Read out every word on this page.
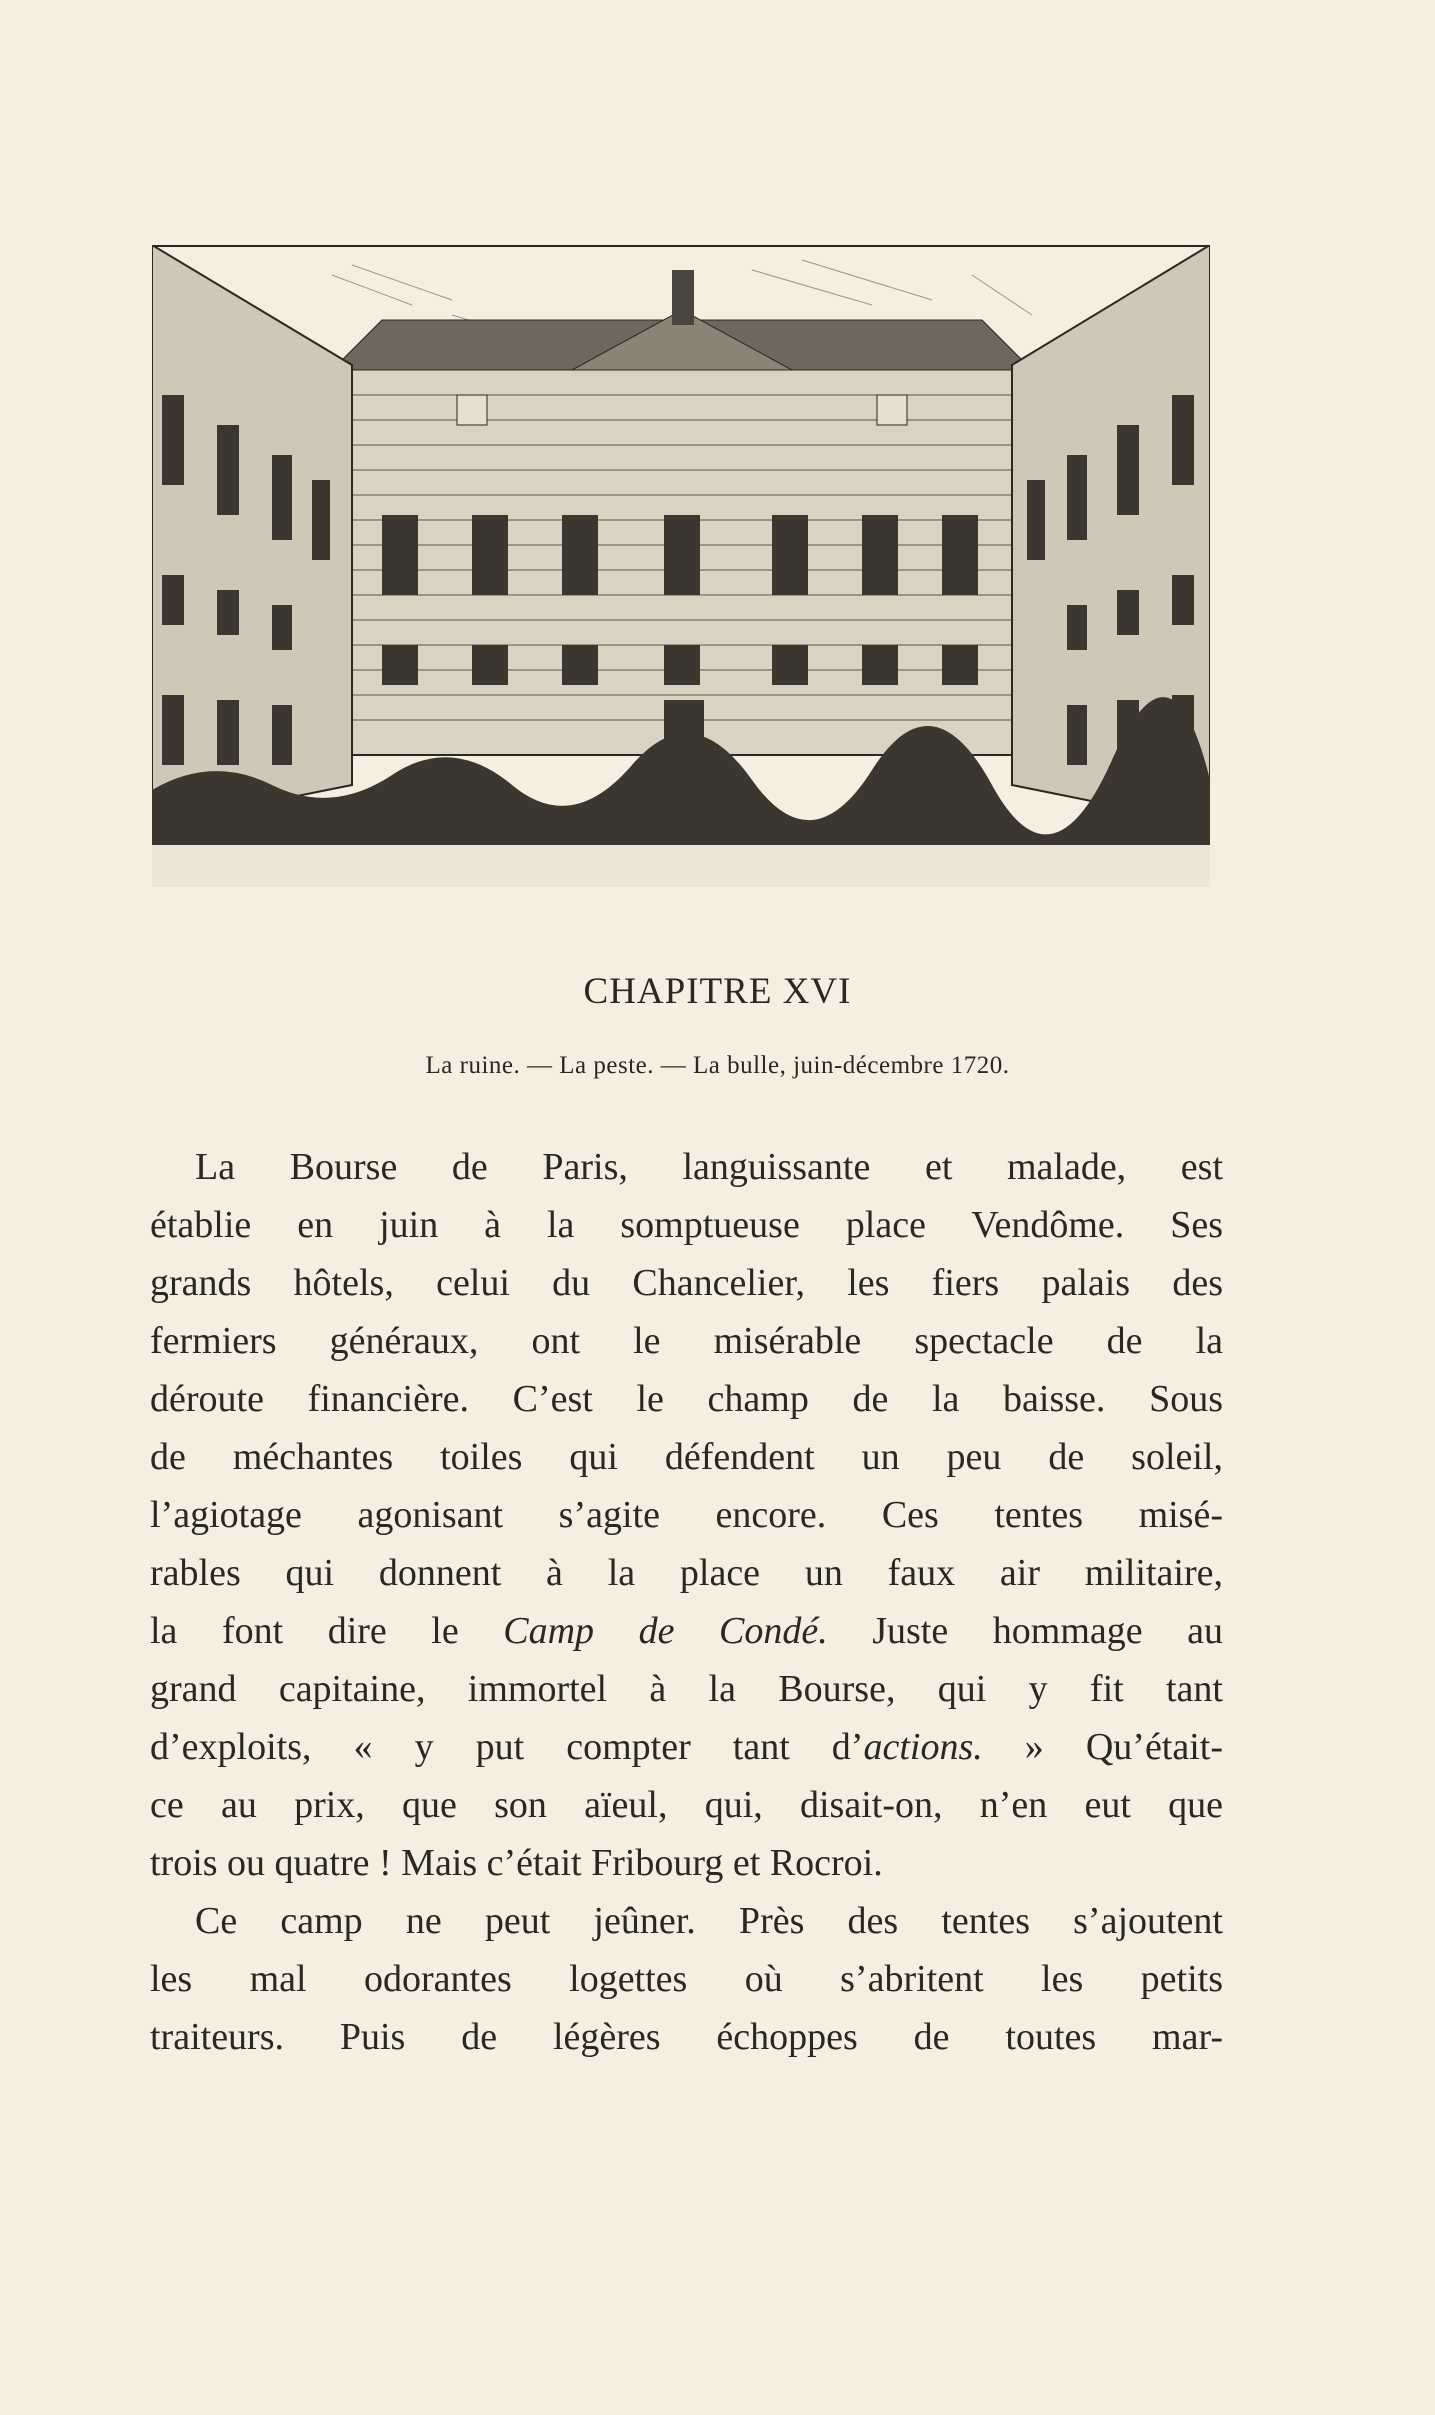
CHAPITRE XVI
La ruine. — La peste. — La bulle, juin-décembre 1720.
La Bourse de Paris, languissante et malade, est
établie en juin à la somptueuse place Vendôme. Ses
grands hôtels, celui du Chancelier, les fiers palais des
fermiers généraux, ont le misérable spectacle de la
déroute financière. C’est le champ de la baisse. Sous
de méchantes toiles qui défendent un peu de soleil,
l’agiotage agonisant s’agite encore. Ces tentes misé-
rables qui donnent à la place un faux air militaire,
la font dire le Camp de Condé. Juste hommage au
grand capitaine, immortel à la Bourse, qui y fit tant
d’exploits, « y put compter tant d’actions. » Qu’était-
ce au prix, que son aïeul, qui, disait-on, n’en eut que
trois ou quatre ! Mais c’était Fribourg et Rocroi.
Ce camp ne peut jeûner. Près des tentes s’ajoutent
les mal odorantes logettes où s’abritent les petits
traiteurs. Puis de légères échoppes de toutes mar-
